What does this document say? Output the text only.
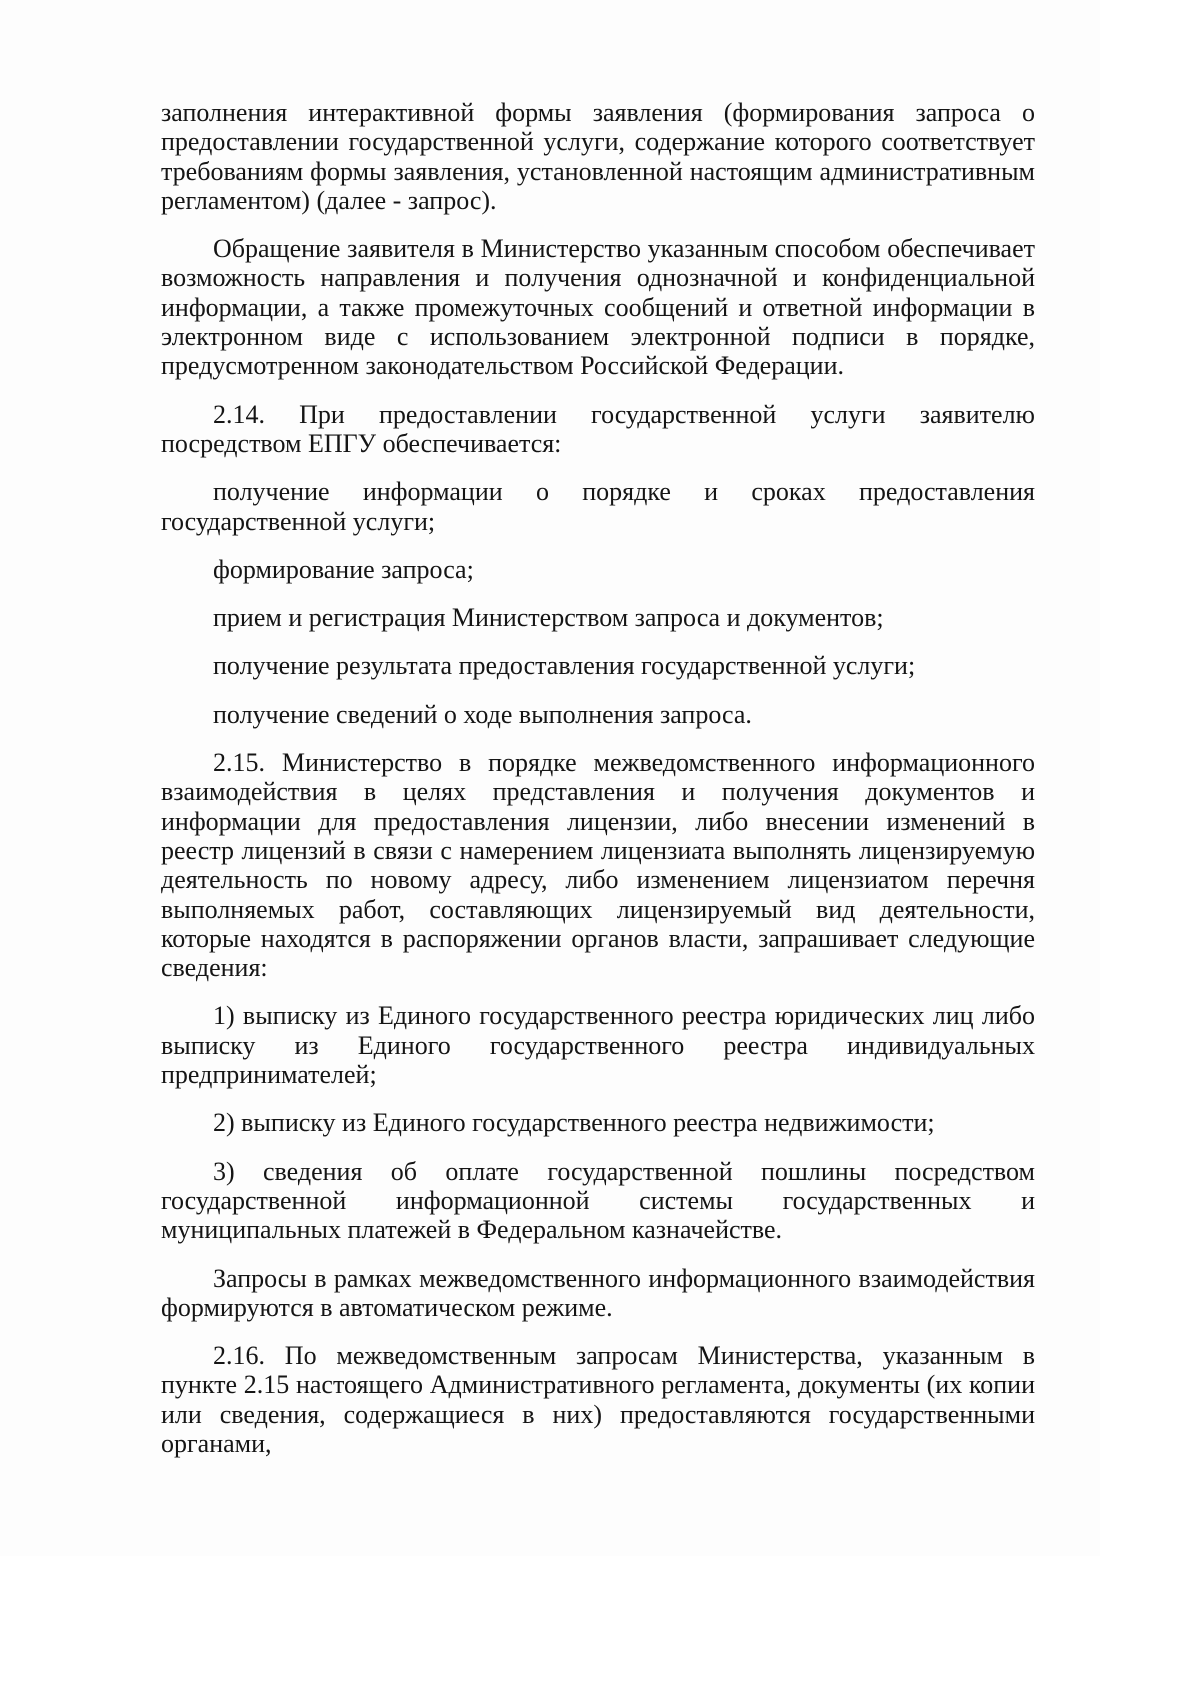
заполнения интерактивной формы заявления (формирования запроса о предоставлении государственной услуги, содержание которого соответствует требованиям формы заявления, установленной настоящим административным регламентом) (далее - запрос).

Обращение заявителя в Министерство указанным способом обеспечивает возможность направления и получения однозначной и конфиденциальной информации, а также промежуточных сообщений и ответной информации в электронном виде с использованием электронной подписи в порядке, предусмотренном законодательством Российской Федерации.

2.14. При предоставлении государственной услуги заявителю посредством ЕПГУ обеспечивается:

получение информации о порядке и сроках предоставления государственной услуги;

формирование запроса;

прием и регистрация Министерством запроса и документов;

получение результата предоставления государственной услуги;

получение сведений о ходе выполнения запроса.

2.15. Министерство в порядке межведомственного информационного взаимодействия в целях представления и получения документов и информации для предоставления лицензии, либо внесении изменений в реестр лицензий в связи с намерением лицензиата выполнять лицензируемую деятельность по новому адресу, либо изменением лицензиатом перечня выполняемых работ, составляющих лицензируемый вид деятельности, которые находятся в распоряжении органов власти, запрашивает следующие сведения:

1) выписку из Единого государственного реестра юридических лиц либо выписку из Единого государственного реестра индивидуальных предпринимателей;

2) выписку из Единого государственного реестра недвижимости;

3) сведения об оплате государственной пошлины посредством государственной информационной системы государственных и муниципальных платежей в Федеральном казначействе.

Запросы в рамках межведомственного информационного взаимодействия формируются в автоматическом режиме.

2.16. По межведомственным запросам Министерства, указанным в пункте 2.15 настоящего Административного регламента, документы (их копии или сведения, содержащиеся в них) предоставляются государственными органами,
